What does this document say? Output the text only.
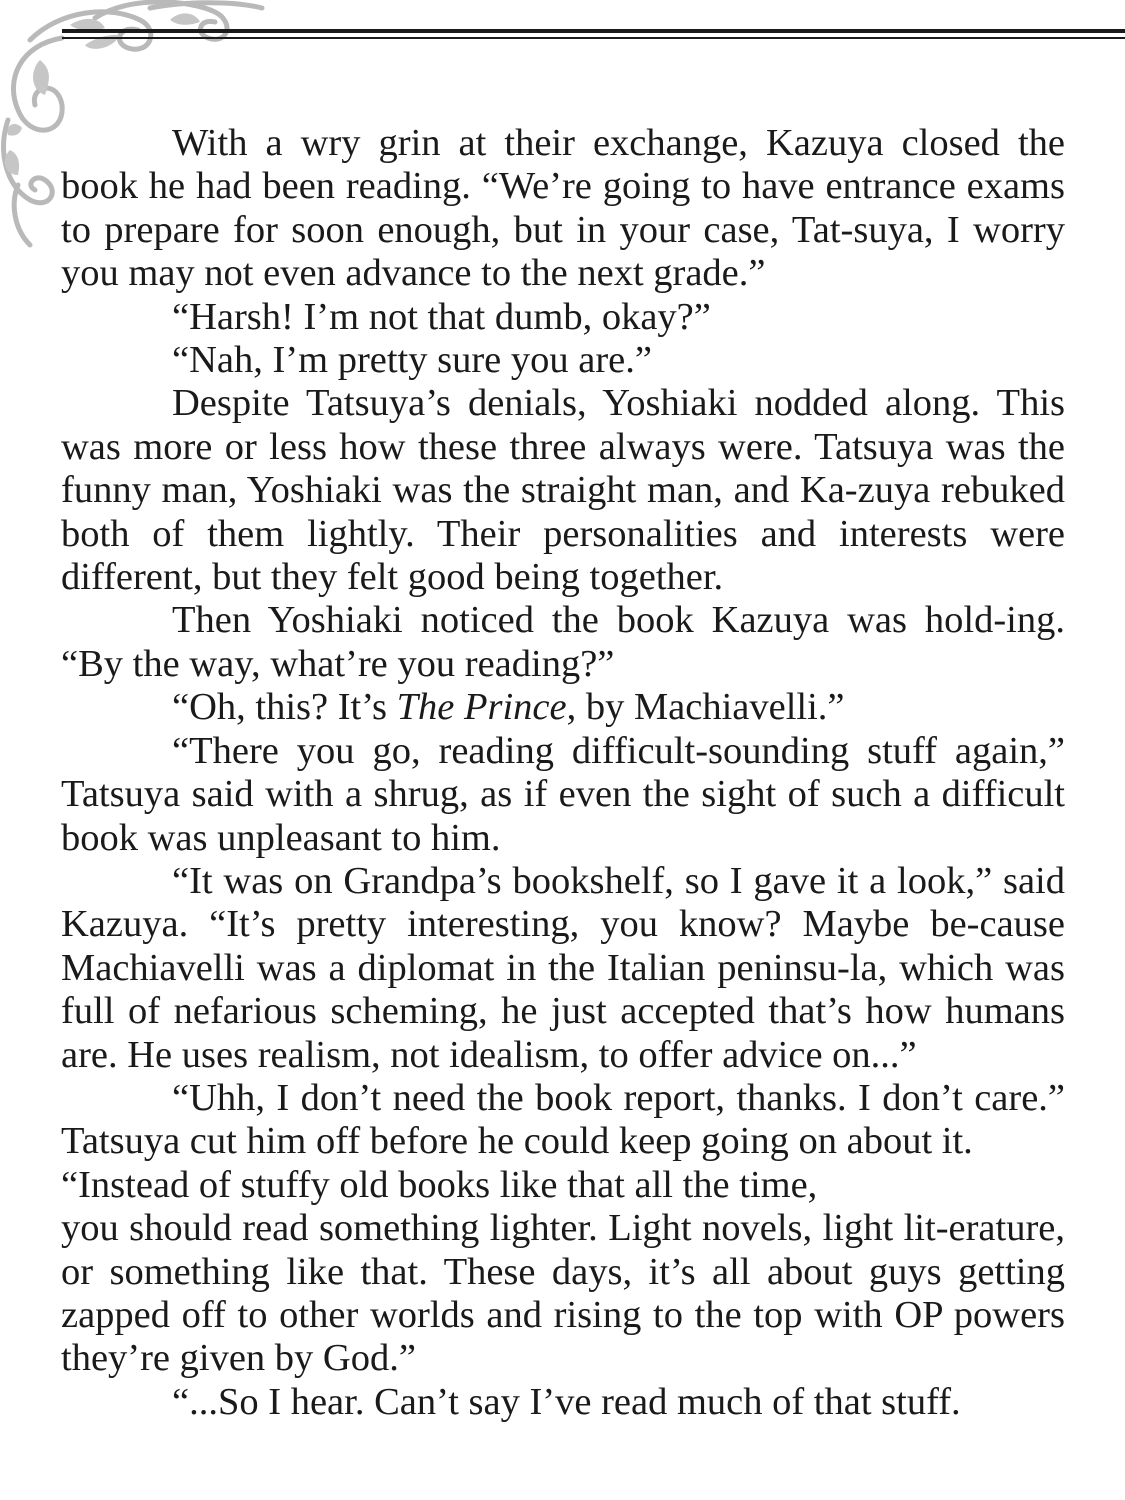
With a wry grin at their exchange, Kazuya closed the book he had been reading. “We’re going to have entrance exams to prepare for soon enough, but in your case, Tat-suya, I worry you may not even advance to the next grade.”

“Harsh! I’m not that dumb, okay?”

“Nah, I’m pretty sure you are.”

Despite Tatsuya’s denials, Yoshiaki nodded along. This was more or less how these three always were. Tatsuya was the funny man, Yoshiaki was the straight man, and Ka-zuya rebuked both of them lightly. Their personalities and interests were different, but they felt good being together.

Then Yoshiaki noticed the book Kazuya was hold-ing. “By the way, what’re you reading?”

“Oh, this? It’s The Prince, by Machiavelli.”

“There you go, reading difficult-sounding stuff again,” Tatsuya said with a shrug, as if even the sight of such a difficult book was unpleasant to him.

“It was on Grandpa’s bookshelf, so I gave it a look,” said Kazuya. “It’s pretty interesting, you know? Maybe be-cause Machiavelli was a diplomat in the Italian peninsu-la, which was full of nefarious scheming, he just accepted that’s how humans are. He uses realism, not idealism, to offer advice on...”

“Uhh, I don’t need the book report, thanks. I don’t care.” Tatsuya cut him off before he could keep going on about it.

“Instead of stuffy old books like that all the time,

you should read something lighter. Light novels, light lit-erature, or something like that. These days, it’s all about guys getting zapped off to other worlds and rising to the top with OP powers they’re given by God.”

“...So I hear. Can’t say I’ve read much of that stuff.
